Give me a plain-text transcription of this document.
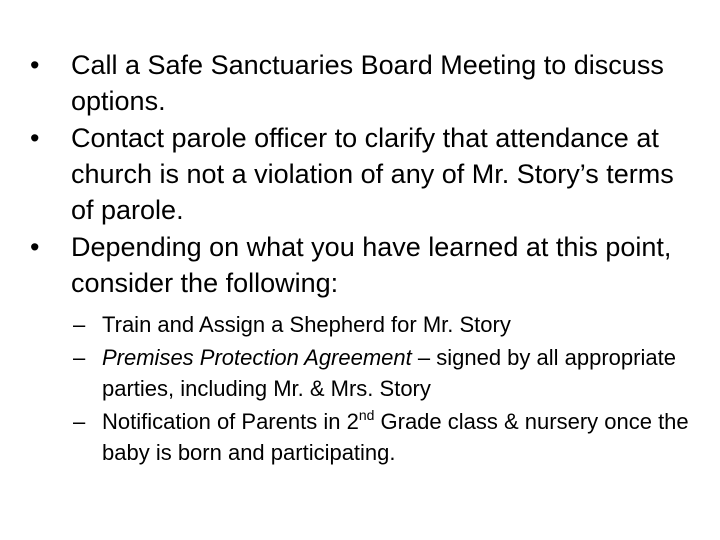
•	Call a Safe Sanctuaries Board Meeting to discuss options.
•	Contact parole officer to clarify that attendance at church is not a violation of any of Mr. Story’s terms of parole.
•	Depending on what you have learned at this point, consider the following:
– Train and Assign a Shepherd for Mr. Story
– Premises Protection Agreement – signed by all appropriate parties, including Mr. & Mrs. Story
– Notification of Parents in 2nd Grade class & nursery once the baby is born and participating.
